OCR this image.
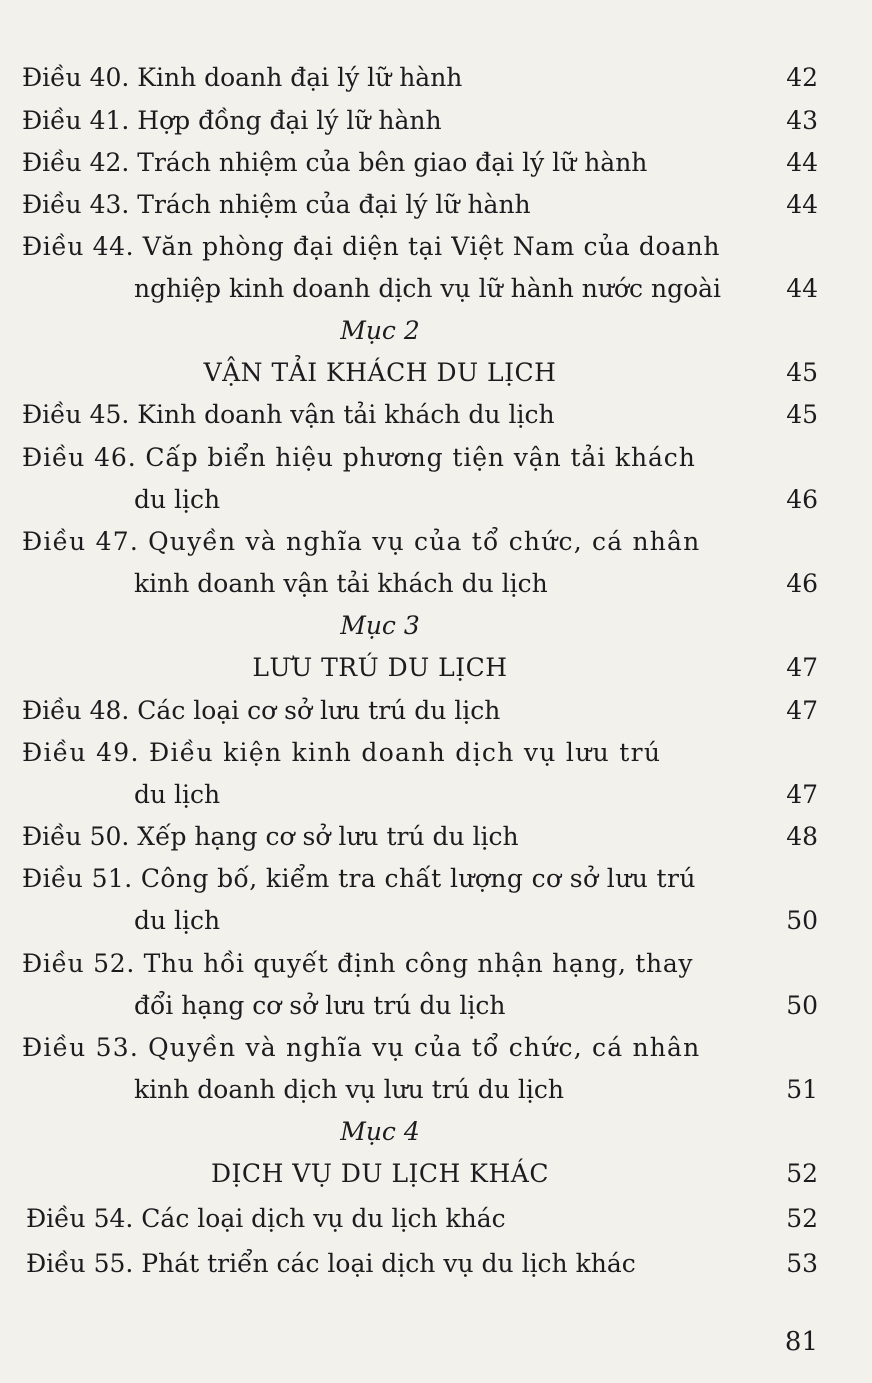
Điều 40. Kinh doanh đại lý lữ hành	42
Điều 41. Hợp đồng đại lý lữ hành	43
Điều 42. Trách nhiệm của bên giao đại lý lữ hành	44
Điều 43. Trách nhiệm của đại lý lữ hành	44
Điều 44. Văn phòng đại diện tại Việt Nam của doanh
nghiệp kinh doanh dịch vụ lữ hành nước ngoài	44
Mục 2
VẬN TẢI KHÁCH DU LỊCH	45
Điều 45. Kinh doanh vận tải khách du lịch	45
Điều 46. Cấp biển hiệu phương tiện vận tải khách
du lịch	46
Điều 47. Quyền và nghĩa vụ của tổ chức, cá nhân
kinh doanh vận tải khách du lịch	46
Mục 3
LƯU TRÚ DU LỊCH	47
Điều 48. Các loại cơ sở lưu trú du lịch	47
Điều 49. Điều kiện kinh doanh dịch vụ lưu trú
du lịch	47
Điều 50. Xếp hạng cơ sở lưu trú du lịch	48
Điều 51. Công bố, kiểm tra chất lượng cơ sở lưu trú
du lịch	50
Điều 52. Thu hồi quyết định công nhận hạng, thay
đổi hạng cơ sở lưu trú du lịch	50
Điều 53. Quyền và nghĩa vụ của tổ chức, cá nhân
kinh doanh dịch vụ lưu trú du lịch	51
Mục 4
DỊCH VỤ DU LỊCH KHÁC	52
Điều 54. Các loại dịch vụ du lịch khác	52
Điều 55. Phát triển các loại dịch vụ du lịch khác	53
81
